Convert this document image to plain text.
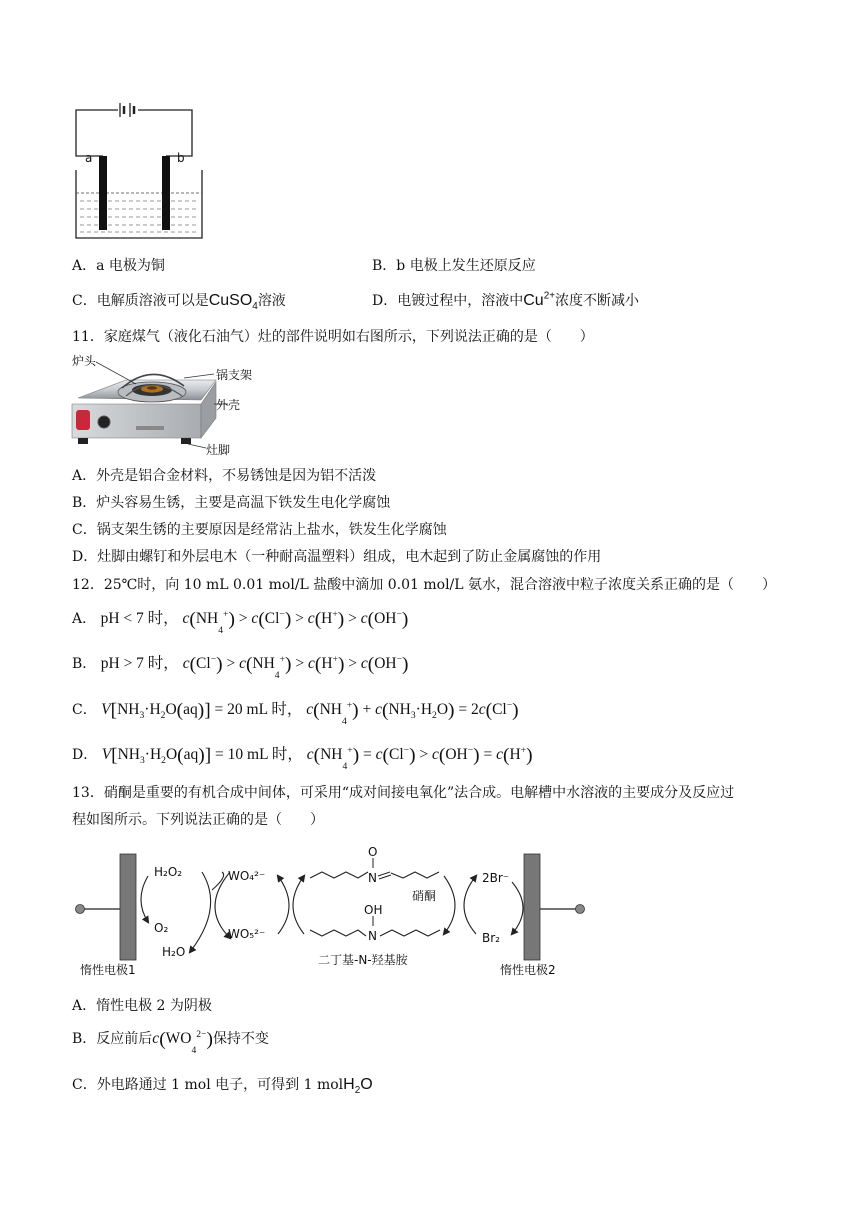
a	b
A．a 电极为铜	B．b 电极上发生还原反应
C．电解质溶液可以是CuSO$_4$溶液	D．电镀过程中，溶液中$Cu^{2+}$浓度不断减小
11．家庭煤气（液化石油气）灶的部件说明如右图所示，下列说法正确的是（　　）
炉头
锅支架
外壳
灶脚
A．外壳是铝合金材料，不易锈蚀是因为铝不活泼
B．炉头容易生锈，主要是高温下铁发生电化学腐蚀
C．锅支架生锈的主要原因是经常沾上盐水，铁发生化学腐蚀
D．灶脚由螺钉和外层电木（一种耐高温塑料）组成，电木起到了防止金属腐蚀的作用
12．25℃时，向 10 mL 0.01 mol/L 盐酸中滴加 0.01 mol/L 氨水，混合溶液中粒子浓度关系正确的是（　　）
A． pH < 7 时， $c(NH_4^+) > c(Cl^-) > c(H^+) > c(OH^-)$
B． pH > 7 时， $c(Cl^-) > c(NH_4^+) > c(H^+) > c(OH^-)$
C． $V[NH_3\cdot H_2O(aq)] = 20$ mL 时， $c(NH_4^+) + c(NH_3\cdot H_2O) = 2c(Cl^-)$
D． $V[NH_3\cdot H_2O(aq)] = 10$ mL 时， $c(NH_4^+) = c(Cl^-) > c(OH^-) = c(H^+)$
13．硝酮是重要的有机合成中间体，可采用“成对间接电氧化”法合成。电解槽中水溶液的主要成分及反应过
程如图所示。下列说法正确的是（　　）
惰性电极1	惰性电极2
H₂O₂
O₂
H₂O
WO₄²⁻
WO₅²⁻
N
O
硝酮
OH
N
二丁基-N-羟基胺
2Br⁻
Br₂
A．惰性电极 2 为阴极
B．反应前后$c(WO_4^{2-})$保持不变
C．外电路通过 1 mol 电子，可得到 1 molH$_2$O
